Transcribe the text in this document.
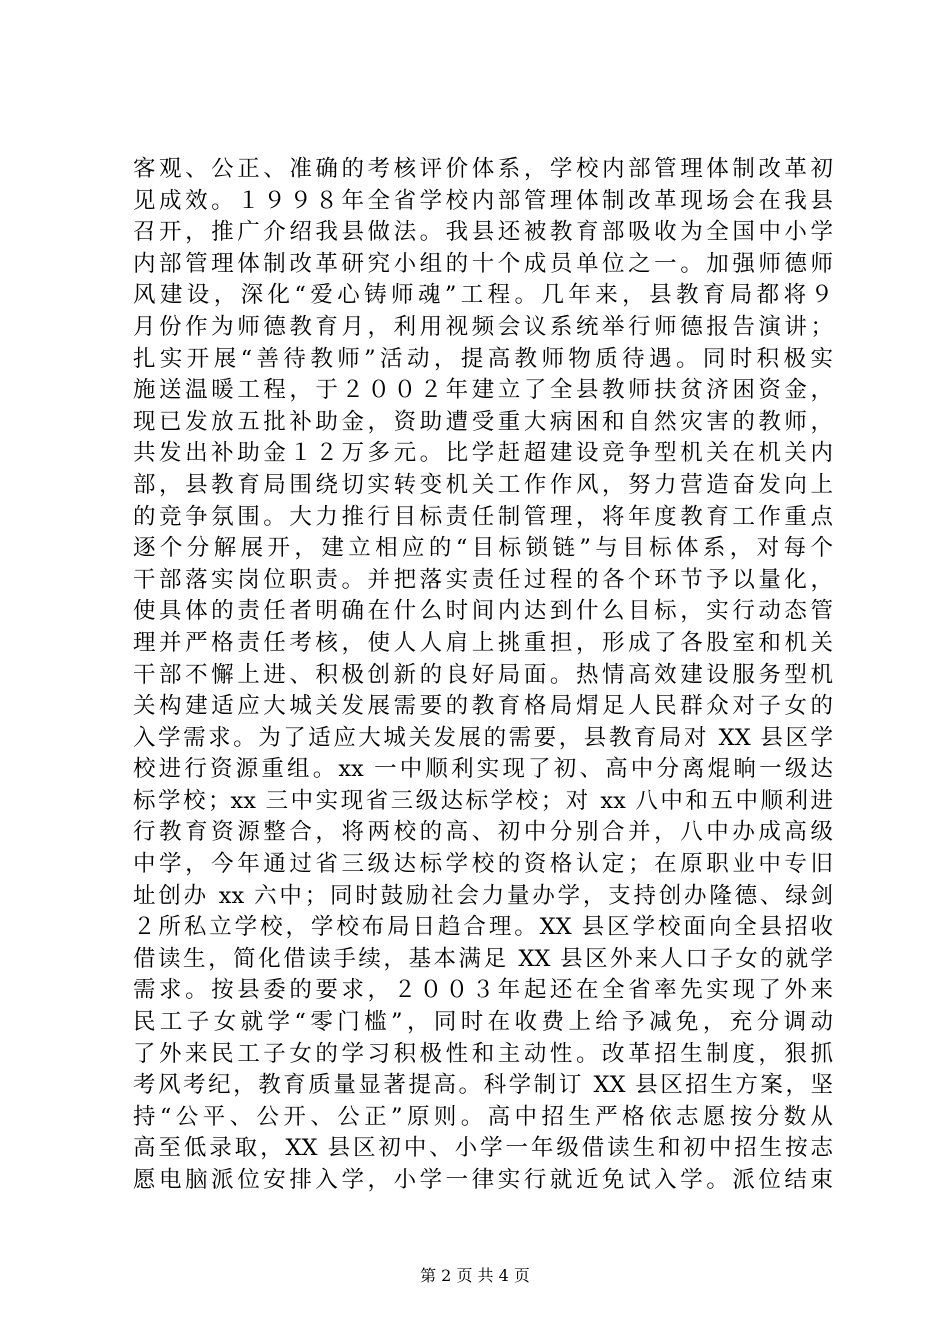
客观、公正、准确的考核评价体系，学校内部管理体制改革初
见成效。１９９８年全省学校内部管理体制改革现场会在我县
召开，推广介绍我县做法。我县还被教育部吸收为全国中小学
内部管理体制改革研究小组的十个成员单位之一。加强师德师
风建设，深化“爱心铸师魂”工程。几年来，县教育局都将９
月份作为师德教育月，利用视频会议系统举行师德报告演讲；
扎实开展“善待教师”活动，提高教师物质待遇。同时积极实
施送温暖工程，于２００２年建立了全县教师扶贫济困资金，
现已发放五批补助金，资助遭受重大病困和自然灾害的教师，
共发出补助金１２万多元。比学赶超建设竞争型机关在机关内
部，县教育局围绕切实转变机关工作作风，努力营造奋发向上
的竞争氛围。大力推行目标责任制管理，将年度教育工作重点
逐个分解展开，建立相应的“目标锁链”与目标体系，对每个
干部落实岗位职责。并把落实责任过程的各个环节予以量化，
使具体的责任者明确在什么时间内达到什么目标，实行动态管
理并严格责任考核，使人人肩上挑重担，形成了各股室和机关
干部不懈上进、积极创新的良好局面。热情高效建设服务型机
关构建适应大城关发展需要的教育格局焨足人民群众对子女的
入学需求。为了适应大城关发展的需要，县教育局对 XX 县区学
校进行资源重组。xx 一中顺利实现了初、高中分离焜晌一级达
标学校；xx 三中实现省三级达标学校；对 xx 八中和五中顺利进
行教育资源整合，将两校的高、初中分别合并，八中办成高级
中学，今年通过省三级达标学校的资格认定；在原职业中专旧
址创办 xx 六中；同时鼓励社会力量办学，支持创办隆德、绿剑
２所私立学校，学校布局日趋合理。XX 县区学校面向全县招收
借读生，简化借读手续，基本满足 XX 县区外来人口子女的就学
需求。按县委的要求，２００３年起还在全省率先实现了外来
民工子女就学“零门槛”，同时在收费上给予减免，充分调动
了外来民工子女的学习积极性和主动性。改革招生制度，狠抓
考风考纪，教育质量显著提高。科学制订 XX 县区招生方案，坚
持“公平、公开、公正”原则。高中招生严格依志愿按分数从
高至低录取，XX 县区初中、小学一年级借读生和初中招生按志
愿电脑派位安排入学，小学一律实行就近免试入学。派位结束
第 2 页 共 4 页
